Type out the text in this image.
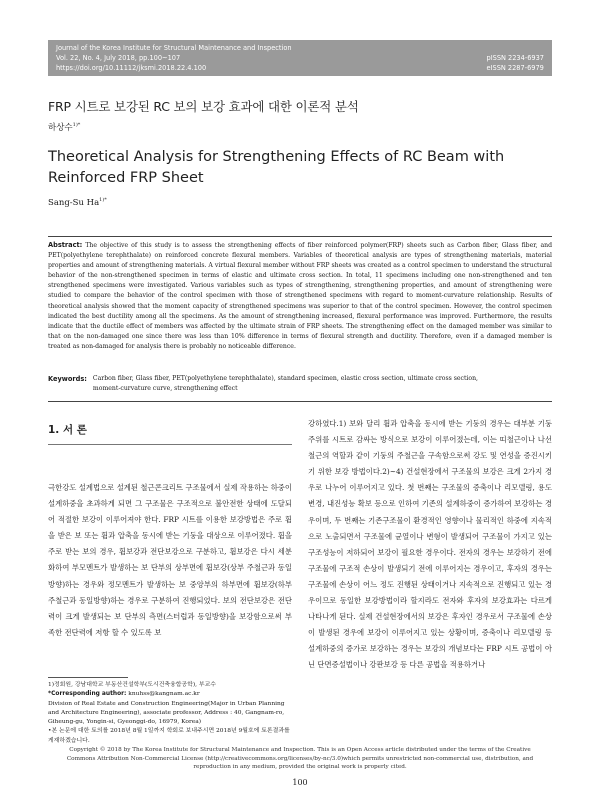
Journal of the Korea Institute for Structural Maintenance and Inspection
Vol. 22, No. 4, July 2018, pp.100~107
https://doi.org/10.11112/jksmi.2018.22.4.100
pISSN 2234-6937
eISSN 2287-6979
FRP 시트로 보강된 RC 보의 보강 효과에 대한 이론적 분석
하상수$^{1)*}$
Theoretical Analysis for Strengthening Effects of RC Beam with Reinforced FRP Sheet
Sang-Su $Ha^{1)*}$
Abstract: The objective of this study is to assess the strengthening effects of fiber reinforced polymer(FRP) sheets such as Carbon fiber, Glass fiber, and PET(polyethylene terephthalate) on reinforced concrete flexural members. Variables of theoretical analysis are types of strengthening materials, material properties and amount of strengthening materials. A virtual flexural member without FRP sheets was created as a control specimen to understand the structural behavior of the non-strengthened specimen in terms of elastic and ultimate cross section. In total, 11 specimens including one non-strengthened and ten strengthened specimens were investigated. Various variables such as types of strengthening, strengthening properties, and amount of strengthening were studied to compare the behavior of the control specimen with those of strengthened specimens with regard to moment-curvature relationship. Results of theoretical analysis showed that the moment capacity of strengthened specimens was superior to that of the control specimen. However, the control specimen indicated the best ductility among all the specimens. As the amount of strengthening increased, flexural performance was improved. Furthermore, the results indicate that the ductile effect of members was affected by the ultimate strain of FRP sheets. The strengthening effect on the damaged member was similar to that on the non-damaged one since there was less than 10% difference in terms of flexural strength and ductility. Therefore, even if a damaged member is treated as non-damaged for analysis there is probably no noticeable difference.
Keywords: Carbon fiber, Glass fiber, PET(polyethylene terephthalate), standard specimen, elastic cross section, ultimate cross section, moment-curvature curve, strengthening effect
1. 서 론
극한강도 설계법으로 설계된 철근콘크리트 구조물에서 실제 작용하는 하중이 설계하중을 초과하게 되면 그 구조물은 구조적으로 불안전한 상태에 도달되어 적절한 보강이 이루어져야 한다. FRP 시트를 이용한 보강방법은 주로 휨을 받은 보 또는 휨과 압축을 동시에 받는 기둥을 대상으로 이루어졌다. 휨을 주로 받는 보의 경우, 휨보강과 전단보강으로 구분하고, 휨보강은 다시 세분화하여 부모멘트가 발생하는 보 단부의 상부면에 휨보강(상부 주철근과 동일방향)하는 경우와 정모멘트가 발생하는 보 중앙부의 하부면에 휨보강(하부 주철근과 동일방향)하는 경우로 구분하여 진행되었다. 보의 전단보강은 전단력이 크게 발생되는 보 단부의 측면(스터럽과 동일방향)을 보강함으로써 부족한 전단력에 저항 할 수 있도록 보
강하였다.1) 보와 달리 휨과 압축을 동시에 받는 기둥의 경우는 대부분 기둥주위를 시트로 감싸는 방식으로 보강이 이루어졌는데, 이는 띠철근이나 나선철근의 역할과 같이 기둥의 주철근을 구속함으로써 강도 및 연성을 증진시키기 위한 보강 방법이다.2)~4) 건설현장에서 구조물의 보강은 크게 2가지 경우로 나누어 이루어지고 있다. 첫 번째는 구조물의 증축이나 리모델링, 용도변경, 내진성능 확보 등으로 인하여 기존의 설계하중이 증가하여 보강하는 경우이며, 두 번째는 기존구조물이 환경적인 영향이나 물리적인 하중에 지속적으로 노출되면서 구조물에 균열이나 변형이 발생되어 구조물이 가지고 있는 구조성능이 저하되어 보강이 필요한 경우이다. 전자의 경우는 보강하기 전에 구조물에 구조적 손상이 발생되기 전에 이루어지는 경우이고, 후자의 경우는 구조물에 손상이 어느 정도 진행된 상태이거나 지속적으로 진행되고 있는 경우이므로 동일한 보강방법이라 할지라도 전자와 후자의 보강효과는 다르게 나타나게 된다. 실제 건설현장에서의 보강은 후자인 경우로서 구조물에 손상이 발생된 경우에 보강이 이루어지고 있는 상황이며, 증축이나 리모델링 등 설계하중의 증가로 보강하는 경우는 보강의 개념보다는 FRP 시트 공법이 아닌 단면증설법이나 강판보강 등 다른 공법을 적용하거나
1)정회원, 강남대학교 부동산건설학부(도시건축융합공학), 부교수
*Corresponding author: knuhss@kangnam.ac.kr
Division of Real Estate and Construction Engineering(Major in Urban Planning and Architecture Engineering), associate professor, Address : 40, Gangnam-ro, Giheung-gu, Yongin-si, Gyeonggi-do, 16979, Korea)
•본 논문에 대한 토의를 2018년 8월 1일까지 학회로 보내주시면 2018년 9월호에 토론결과를 게재하겠습니다.
Copyright © 2018 by The Korea Institute for Structural Maintenance and Inspection. This is an Open Access article distributed under the terms of the Creative Commons Attribution Non-Commercial License (http://creativecommons.org/licenses/by-nc/3.0)which permits unrestricted non-commercial use, distribution, and reproduction in any medium, provided the original work is properly cited.
100
